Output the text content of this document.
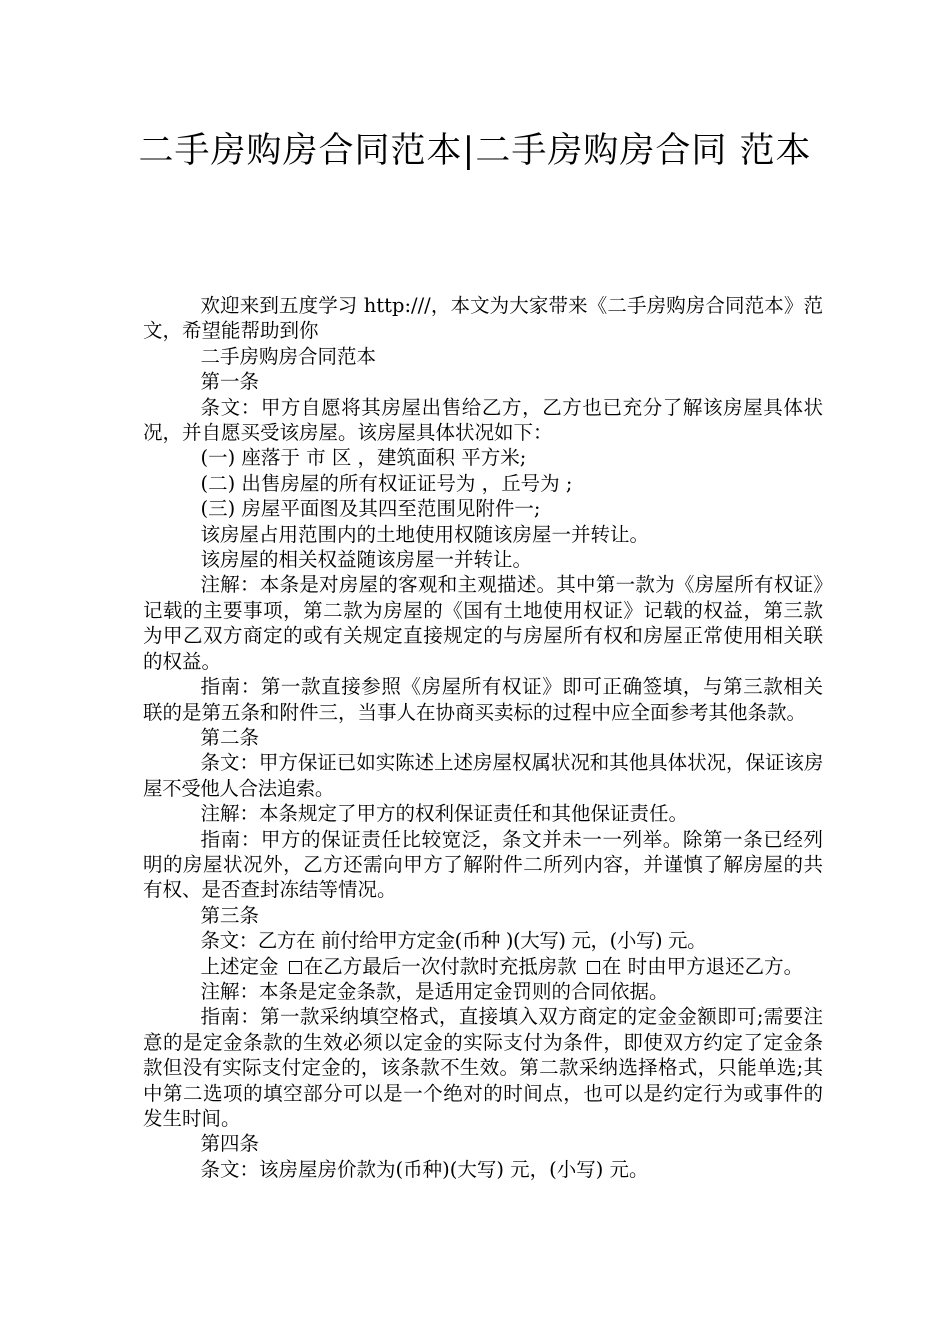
二手房购房合同范本|二手房购房合同 范本

欢迎来到五度学习 http:///，本文为大家带来《二手房购房合同范本》范文，希望能帮助到你

二手房购房合同范本

第一条

条文：甲方自愿将其房屋出售给乙方，乙方也已充分了解该房屋具体状况，并自愿买受该房屋。该房屋具体状况如下：

(一) 座落于 市 区 ，建筑面积 平方米;

(二) 出售房屋的所有权证证号为 ，丘号为 ;

(三) 房屋平面图及其四至范围见附件一;

该房屋占用范围内的土地使用权随该房屋一并转让。

该房屋的相关权益随该房屋一并转让。

注解：本条是对房屋的客观和主观描述。其中第一款为《房屋所有权证》记载的主要事项，第二款为房屋的《国有土地使用权证》记载的权益，第三款为甲乙双方商定的或有关规定直接规定的与房屋所有权和房屋正常使用相关联的权益。

指南：第一款直接参照《房屋所有权证》即可正确签填，与第三款相关联的是第五条和附件三，当事人在协商买卖标的过程中应全面参考其他条款。

第二条

条文：甲方保证已如实陈述上述房屋权属状况和其他具体状况，保证该房屋不受他人合法追索。

注解：本条规定了甲方的权利保证责任和其他保证责任。

指南：甲方的保证责任比较宽泛，条文并未一一列举。除第一条已经列明的房屋状况外，乙方还需向甲方了解附件二所列内容，并谨慎了解房屋的共有权、是否查封冻结等情况。

第三条

条文：乙方在 前付给甲方定金(币种 )(大写) 元，(小写) 元。

上述定金 在乙方最后一次付款时充抵房款 在 时由甲方退还乙方。

注解：本条是定金条款，是适用定金罚则的合同依据。

指南：第一款采纳填空格式，直接填入双方商定的定金金额即可;需要注意的是定金条款的生效必须以定金的实际支付为条件，即使双方约定了定金条款但没有实际支付定金的，该条款不生效。第二款采纳选择格式，只能单选;其中第二选项的填空部分可以是一个绝对的时间点，也可以是约定行为或事件的发生时间。

第四条

条文：该房屋房价款为(币种)(大写) 元，(小写) 元。
